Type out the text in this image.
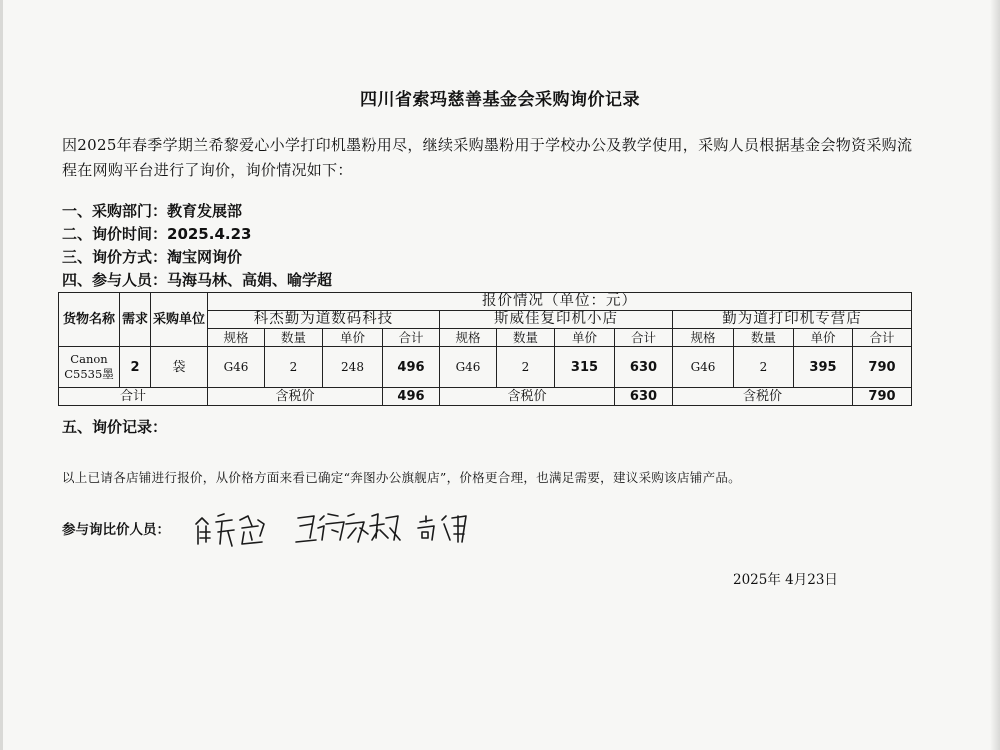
四川省索玛慈善基金会采购询价记录
因2025年春季学期兰希黎爱心小学打印机墨粉用尽，继续采购墨粉用于学校办公及教学使用，采购人员根据基金会物资采购流程在网购平台进行了询价，询价情况如下：
一、采购部门：教育发展部
二、询价时间：2025.4.23
三、询价方式：淘宝网询价
四、参与人员：马海马林、高娟、喻学超
货物名称	需求	采购单位	报价情况（单位：元）											
			科杰勤为道数码科技				斯威佳复印机小店				勤为道打印机专营店			
			规格	数量	单价	合计	规格	数量	单价	合计	规格	数量	单价	合计
Canon C5535墨	2	袋	G46	2	248	496	G46	2	315	630	G46	2	395	790
合计			含税价			496	含税价			630	含税价			790
五、询价记录：
以上已请各店铺进行报价，从价格方面来看已确定“奔图办公旗舰店”，价格更合理，也满足需要，建议采购该店铺产品。
参与询比价人员：
2025年 4月23日
